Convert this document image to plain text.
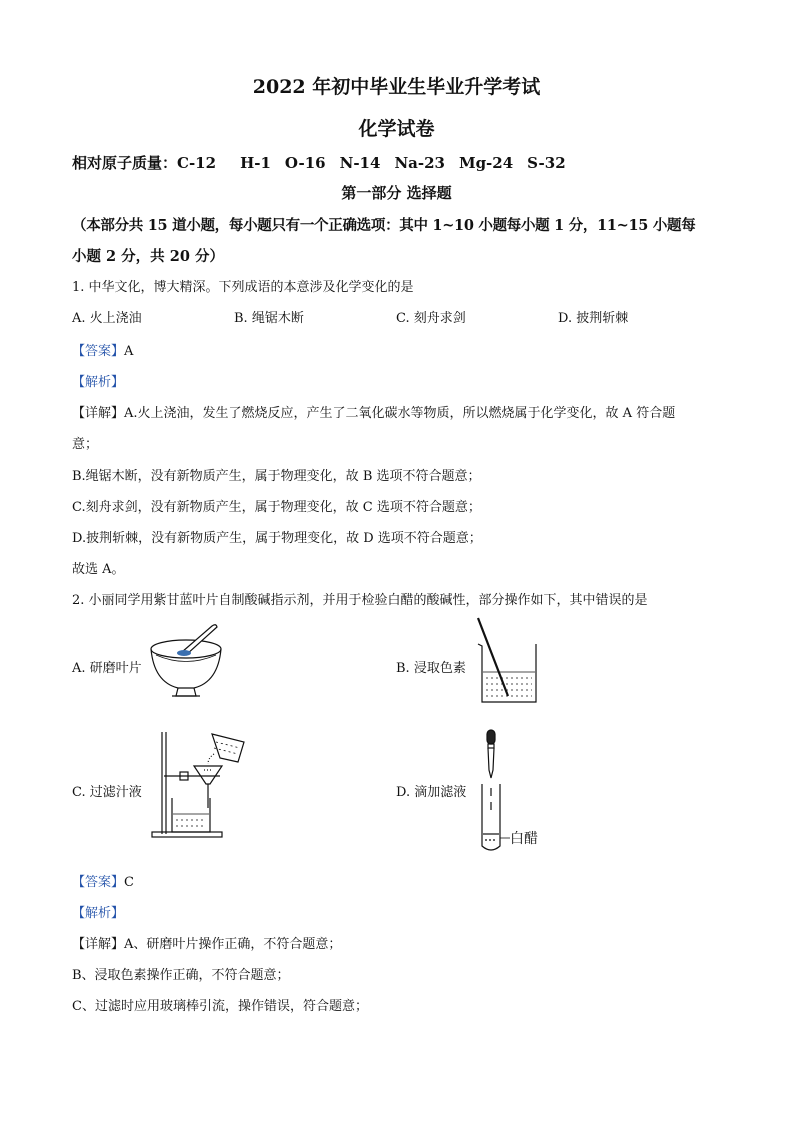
2022 年初中毕业生毕业升学考试
化学试卷
相对原子质量：C-12 H-1 O-16 N-14 Na-23 Mg-24 S-32
第一部分 选择题
（本部分共 15 道小题，每小题只有一个正确选项：其中 1~10 小题每小题 1 分，11~15 小题每
小题 2 分，共 20 分）
1. 中华文化，博大精深。下列成语的本意涉及化学变化的是
A. 火上浇油	B. 绳锯木断	C. 刻舟求剑	D. 披荆斩棘
【答案】A
【解析】
【详解】A.火上浇油，发生了燃烧反应，产生了二氧化碳水等物质，所以燃烧属于化学变化，故 A 符合题
意；
B.绳锯木断，没有新物质产生，属于物理变化，故 B 选项不符合题意；
C.刻舟求剑，没有新物质产生，属于物理变化，故 C 选项不符合题意；
D.披荆斩棘，没有新物质产生，属于物理变化，故 D 选项不符合题意；
故选 A。
2. 小丽同学用紫甘蓝叶片自制酸碱指示剂，并用于检验白醋的酸碱性，部分操作如下，其中错误的是
A. 研磨叶片	B. 浸取色素
C. 过滤汁液	D. 滴加滤液
白醋
【答案】C
【解析】
【详解】A、研磨叶片操作正确，不符合题意；
B、浸取色素操作正确，不符合题意；
C、过滤时应用玻璃棒引流，操作错误，符合题意；
